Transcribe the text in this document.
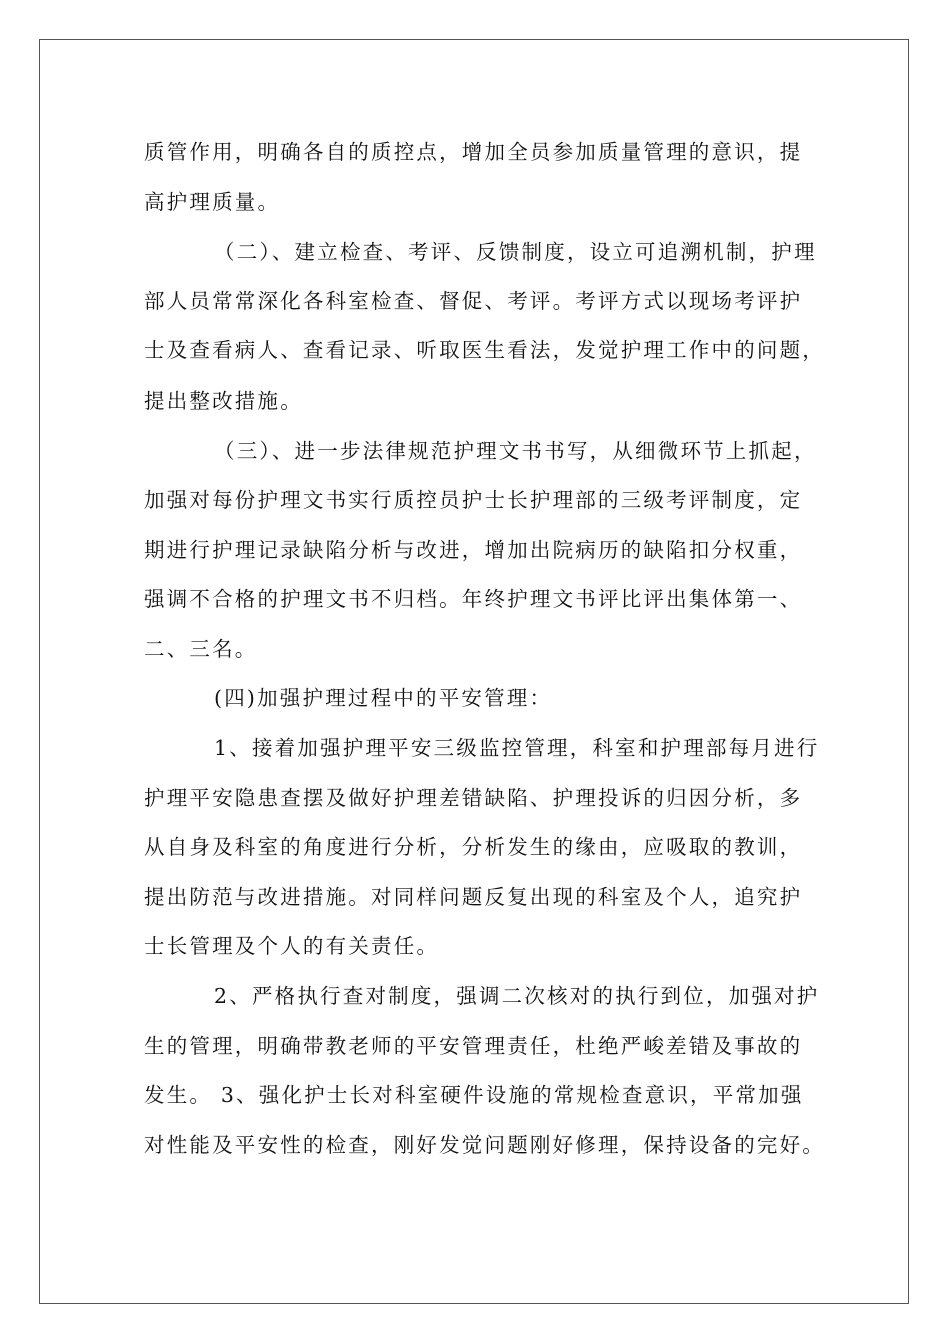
质管作用，明确各自的质控点，增加全员参加质量管理的意识，提
高护理质量。
（二）、建立检查、考评、反馈制度，设立可追溯机制，护理
部人员常常深化各科室检查、督促、考评。考评方式以现场考评护
士及查看病人、查看记录、听取医生看法，发觉护理工作中的问题，
提出整改措施。
（三）、进一步法律规范护理文书书写，从细微环节上抓起，
加强对每份护理文书实行质控员护士长护理部的三级考评制度，定
期进行护理记录缺陷分析与改进，增加出院病历的缺陷扣分权重，
强调不合格的护理文书不归档。年终护理文书评比评出集体第一、
二、三名。
(四)加强护理过程中的平安管理：
1、接着加强护理平安三级监控管理，科室和护理部每月进行
护理平安隐患查摆及做好护理差错缺陷、护理投诉的归因分析，多
从自身及科室的角度进行分析，分析发生的缘由，应吸取的教训，
提出防范与改进措施。对同样问题反复出现的科室及个人，追究护
士长管理及个人的有关责任。
2、严格执行查对制度，强调二次核对的执行到位，加强对护
生的管理，明确带教老师的平安管理责任，杜绝严峻差错及事故的
发生。 3、强化护士长对科室硬件设施的常规检查意识，平常加强
对性能及平安性的检查，刚好发觉问题刚好修理，保持设备的完好。
